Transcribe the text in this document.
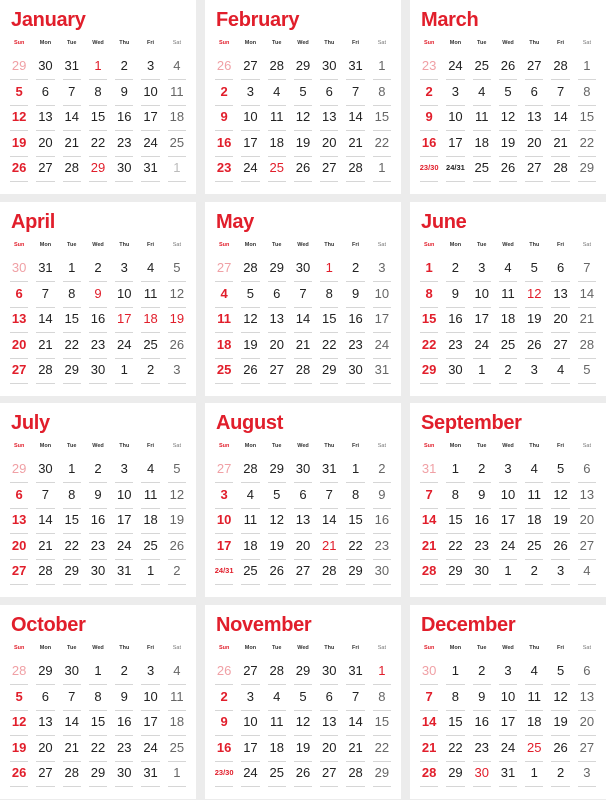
January
Sun	Mon	Tue	Wed	Thu	Fri	Sat
29 30 31	1	2	3	4
5	6	7	8	9	10 11
12 13 14 15 16 17 18
19 20 21 22 23 24 25
26 27 28 29 30 31	1
February
Sun	Mon	Tue	Wed	Thu	Fri	Sat
26 27 28 29 30 31	1
2	3	4	5	6	7	8
9	10 11 12 13 14 15
16 17 18 19 20 21 22
23 24 25 26 27 28	1
March
Sun	Mon	Tue	Wed	Thu	Fri	Sat
23 24 25 26 27 28	1
2	3	4	5	6	7	8
9	10 11 12 13 14 15
16 17 18 19 20 21 22
23/30	24/31 25 26 27 28 29
April
Sun	Mon	Tue	Wed	Thu	Fri	Sat
30 31	1	2	3	4	5
6	7	8	9	10 11 12
13 14 15 16 17 18 19
20 21 22 23 24 25 26
27 28 29 30	1	2	3
May
Sun	Mon	Tue	Wed	Thu	Fri	Sat
27 28 29 30	1	2	3
4	5	6	7	8	9	10
11 12 13 14 15 16 17
18 19 20 21 22 23 24
25 26 27 28 29 30 31
June
Sun	Mon	Tue	Wed	Thu	Fri	Sat
1	2	3	4	5	6	7
8	9	10 11 12 13 14
15 16 17 18 19 20 21
22 23 24 25 26 27 28
29 30	1	2	3	4	5
July
Sun	Mon	Tue	Wed	Thu	Fri	Sat
29 30	1	2	3	4	5
6	7	8	9	10 11 12
13 14 15 16 17 18 19
20 21 22 23 24 25 26
27 28 29 30 31	1	2
August
Sun	Mon	Tue	Wed	Thu	Fri	Sat
27 28 29 30 31	1	2
3	4	5	6	7	8	9
10 11 12 13 14 15 16
17 18 19 20 21 22 23
24/31 25 26 27 28 29 30
September
Sun	Mon	Tue	Wed	Thu	Fri	Sat
31	1	2	3	4	5	6
7	8	9	10 11 12 13
14 15 16 17 18 19 20
21 22 23 24 25 26 27
28 29 30	1	2	3	4
October
Sun	Mon	Tue	Wed	Thu	Fri	Sat
28 29 30	1	2	3	4
5	6	7	8	9	10 11
12 13 14 15 16 17 18
19 20 21 22 23 24 25
26 27 28 29 30 31	1
November
Sun	Mon	Tue	Wed	Thu	Fri	Sat
26 27 28 29 30 31	1
2	3	4	5	6	7	8
9	10 11 12 13 14 15
16 17 18 19 20 21 22
23/30 24 25 26 27 28 29
December
Sun	Mon	Tue	Wed	Thu	Fri	Sat
30	1	2	3	4	5	6
7	8	9	10 11 12 13
14 15 16 17 18 19 20
21 22 23 24 25 26 27
28 29 30 31	1	2	3
